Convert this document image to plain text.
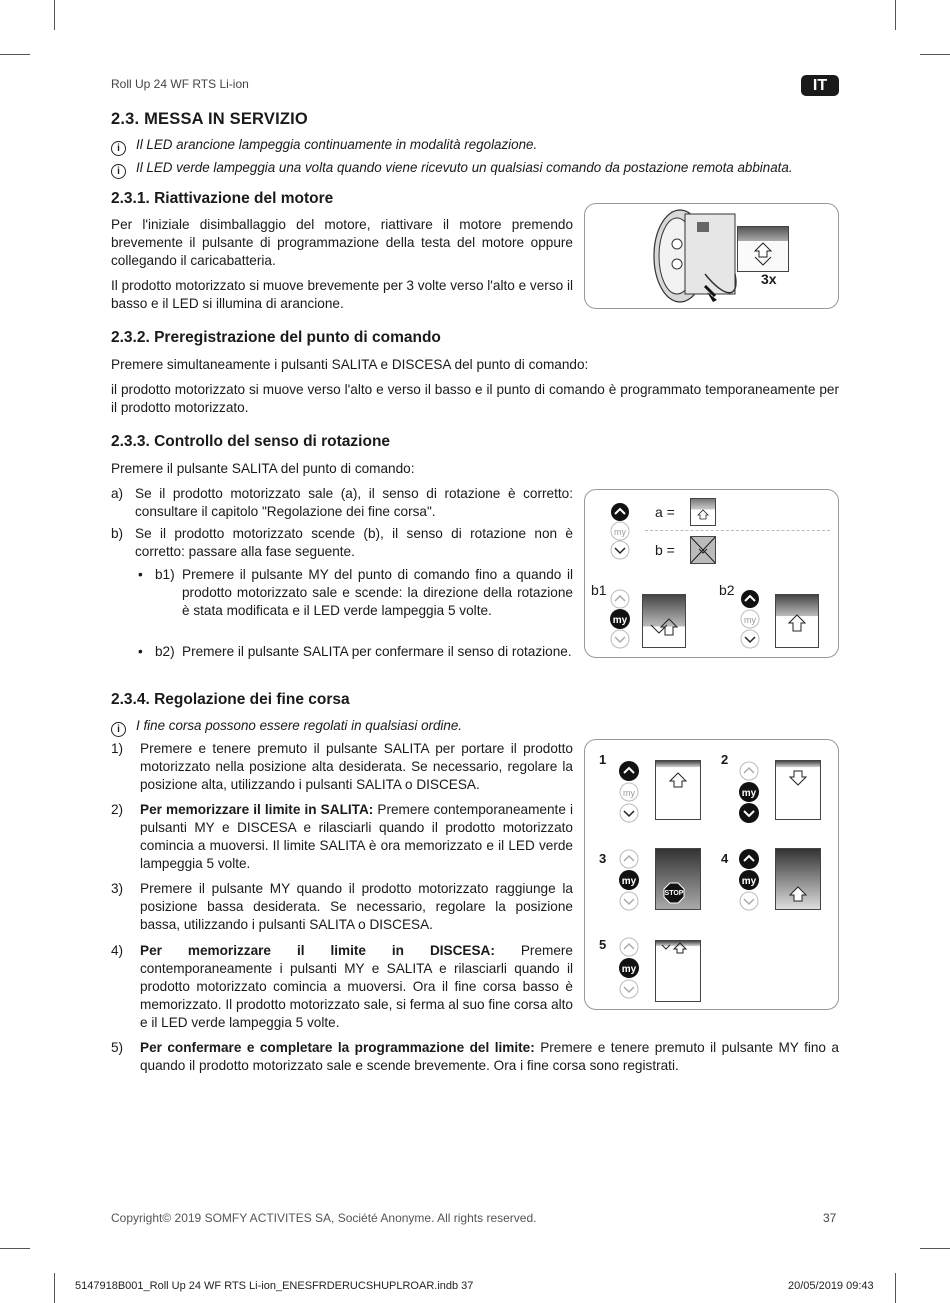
Roll Up 24 WF RTS Li-ion	IT
2.3. MESSA IN SERVIZIO
i Il LED arancione lampeggia continuamente in modalità regolazione.
i Il LED verde lampeggia una volta quando viene ricevuto un qualsiasi comando da postazione remota abbinata.
2.3.1. Riattivazione del motore
Per l'iniziale disimballaggio del motore, riattivare il motore premendo brevemente il pulsante di programmazione della testa del motore oppure collegando il caricabatteria.
Il prodotto motorizzato si muove brevemente per 3 volte verso l'alto e verso il basso e il LED si illumina di arancione.
3x
2.3.2. Preregistrazione del punto di comando
Premere simultaneamente i pulsanti SALITA e DISCESA del punto di comando:
il prodotto motorizzato si muove verso l'alto e verso il basso e il punto di comando è programmato temporaneamente per il prodotto motorizzato.
2.3.3. Controllo del senso di rotazione
Premere il pulsante SALITA del punto di comando:
a) Se il prodotto motorizzato sale (a), il senso di rotazione è corretto: consultare il capitolo "Regolazione dei fine corsa".
b) Se il prodotto motorizzato scende (b), il senso di rotazione non è corretto: passare alla fase seguente.
• b1) Premere il pulsante MY del punto di comando fino a quando il prodotto motorizzato sale e scende: la direzione della rotazione è stata modificata e il LED verde lampeggia 5 volte.
• b2) Premere il pulsante SALITA per confermare il senso di rotazione.
my
a =
b =
b1
my
b2
my
2.3.4. Regolazione dei fine corsa
i I fine corsa possono essere regolati in qualsiasi ordine.
1) Premere e tenere premuto il pulsante SALITA per portare il prodotto motorizzato nella posizione alta desiderata. Se necessario, regolare la posizione alta, utilizzando i pulsanti SALITA o DISCESA.
2) Per memorizzare il limite in SALITA: Premere contemporaneamente i pulsanti MY e DISCESA e rilasciarli quando il prodotto motorizzato comincia a muoversi. Il limite SALITA è ora memorizzato e il LED verde lampeggia 5 volte.
3) Premere il pulsante MY quando il prodotto motorizzato raggiunge la posizione bassa desiderata. Se necessario, regolare la posizione bassa, utilizzando i pulsanti SALITA o DISCESA.
4) Per memorizzare il limite in DISCESA: Premere contemporaneamente i pulsanti MY e SALITA e rilasciarli quando il prodotto motorizzato comincia a muoversi. Ora il fine corsa basso è memorizzato. Il prodotto motorizzato sale, si ferma al suo fine corsa alto e il LED verde lampeggia 5 volte.
5) Per confermare e completare la programmazione del limite: Premere e tenere premuto il pulsante MY fino a quando il prodotto motorizzato sale e scende brevemente. Ora i fine corsa sono registrati.
1
my
2
my
3
my
STOP
4
my
5
my
Copyright© 2019 SOMFY ACTIVITES SA, Société Anonyme. All rights reserved.	37
5147918B001_Roll Up 24 WF RTS Li-ion_ENESFRDERUCSHUPLROAR.indb 37	20/05/2019 09:43
